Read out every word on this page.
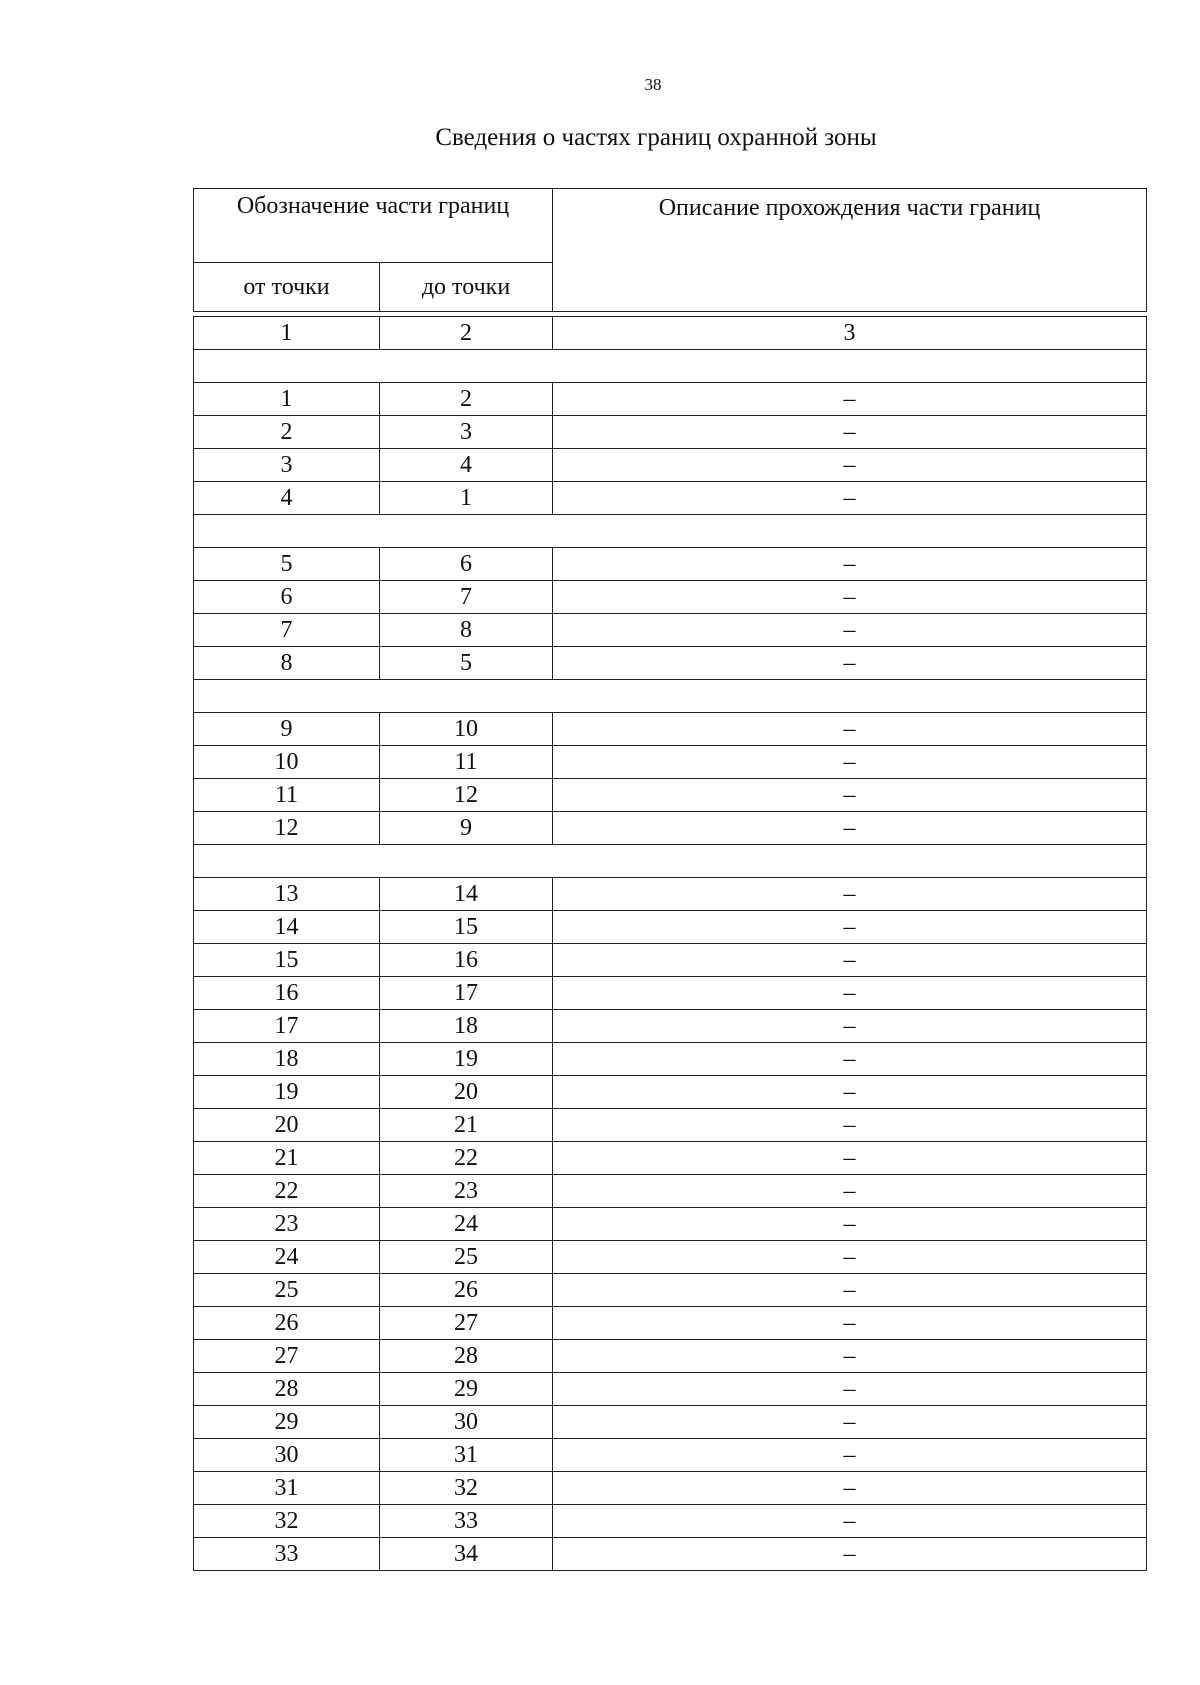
38
Сведения о частях границ охранной зоны
Обозначение части границ		Описание прохождения части границ
от точки	до точки	
1	2	3

1	2	–
2	3	–
3	4	–
4	1	–

5	6	–
6	7	–
7	8	–
8	5	–

9	10	–
10	11	–
11	12	–
12	9	–

13	14	–
14	15	–
15	16	–
16	17	–
17	18	–
18	19	–
19	20	–
20	21	–
21	22	–
22	23	–
23	24	–
24	25	–
25	26	–
26	27	–
27	28	–
28	29	–
29	30	–
30	31	–
31	32	–
32	33	–
33	34	–
